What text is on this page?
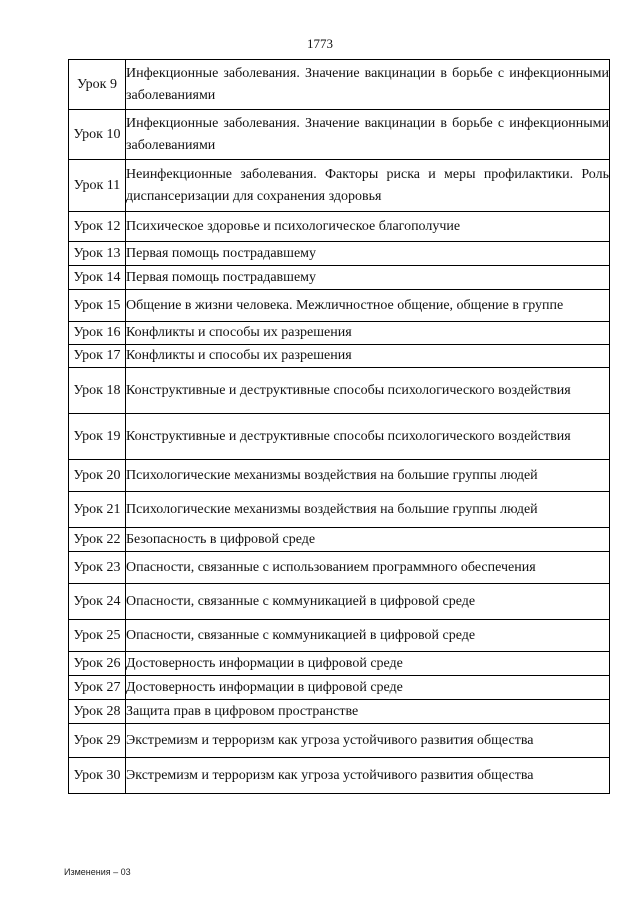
1773
Урок 9	Инфекционные заболевания. Значение вакцинации в борьбе с инфекционными заболеваниями
Урок 10	Инфекционные заболевания. Значение вакцинации в борьбе с инфекционными заболеваниями
Урок 11	Неинфекционные заболевания. Факторы риска и меры профилактики. Роль диспансеризации для сохранения здоровья
Урок 12	Психическое здоровье и психологическое благополучие
Урок 13	Первая помощь пострадавшему
Урок 14	Первая помощь пострадавшему
Урок 15	Общение в жизни человека. Межличностное общение, общение в группе
Урок 16	Конфликты и способы их разрешения
Урок 17	Конфликты и способы их разрешения
Урок 18	Конструктивные и деструктивные способы психологического воздействия
Урок 19	Конструктивные и деструктивные способы психологического воздействия
Урок 20	Психологические механизмы воздействия на большие группы людей
Урок 21	Психологические механизмы воздействия на большие группы людей
Урок 22	Безопасность в цифровой среде
Урок 23	Опасности, связанные с использованием программного обеспечения
Урок 24	Опасности, связанные с коммуникацией в цифровой среде
Урок 25	Опасности, связанные с коммуникацией в цифровой среде
Урок 26	Достоверность информации в цифровой среде
Урок 27	Достоверность информации в цифровой среде
Урок 28	Защита прав в цифровом пространстве
Урок 29	Экстремизм и терроризм как угроза устойчивого развития общества
Урок 30	Экстремизм и терроризм как угроза устойчивого развития общества
Изменения – 03
